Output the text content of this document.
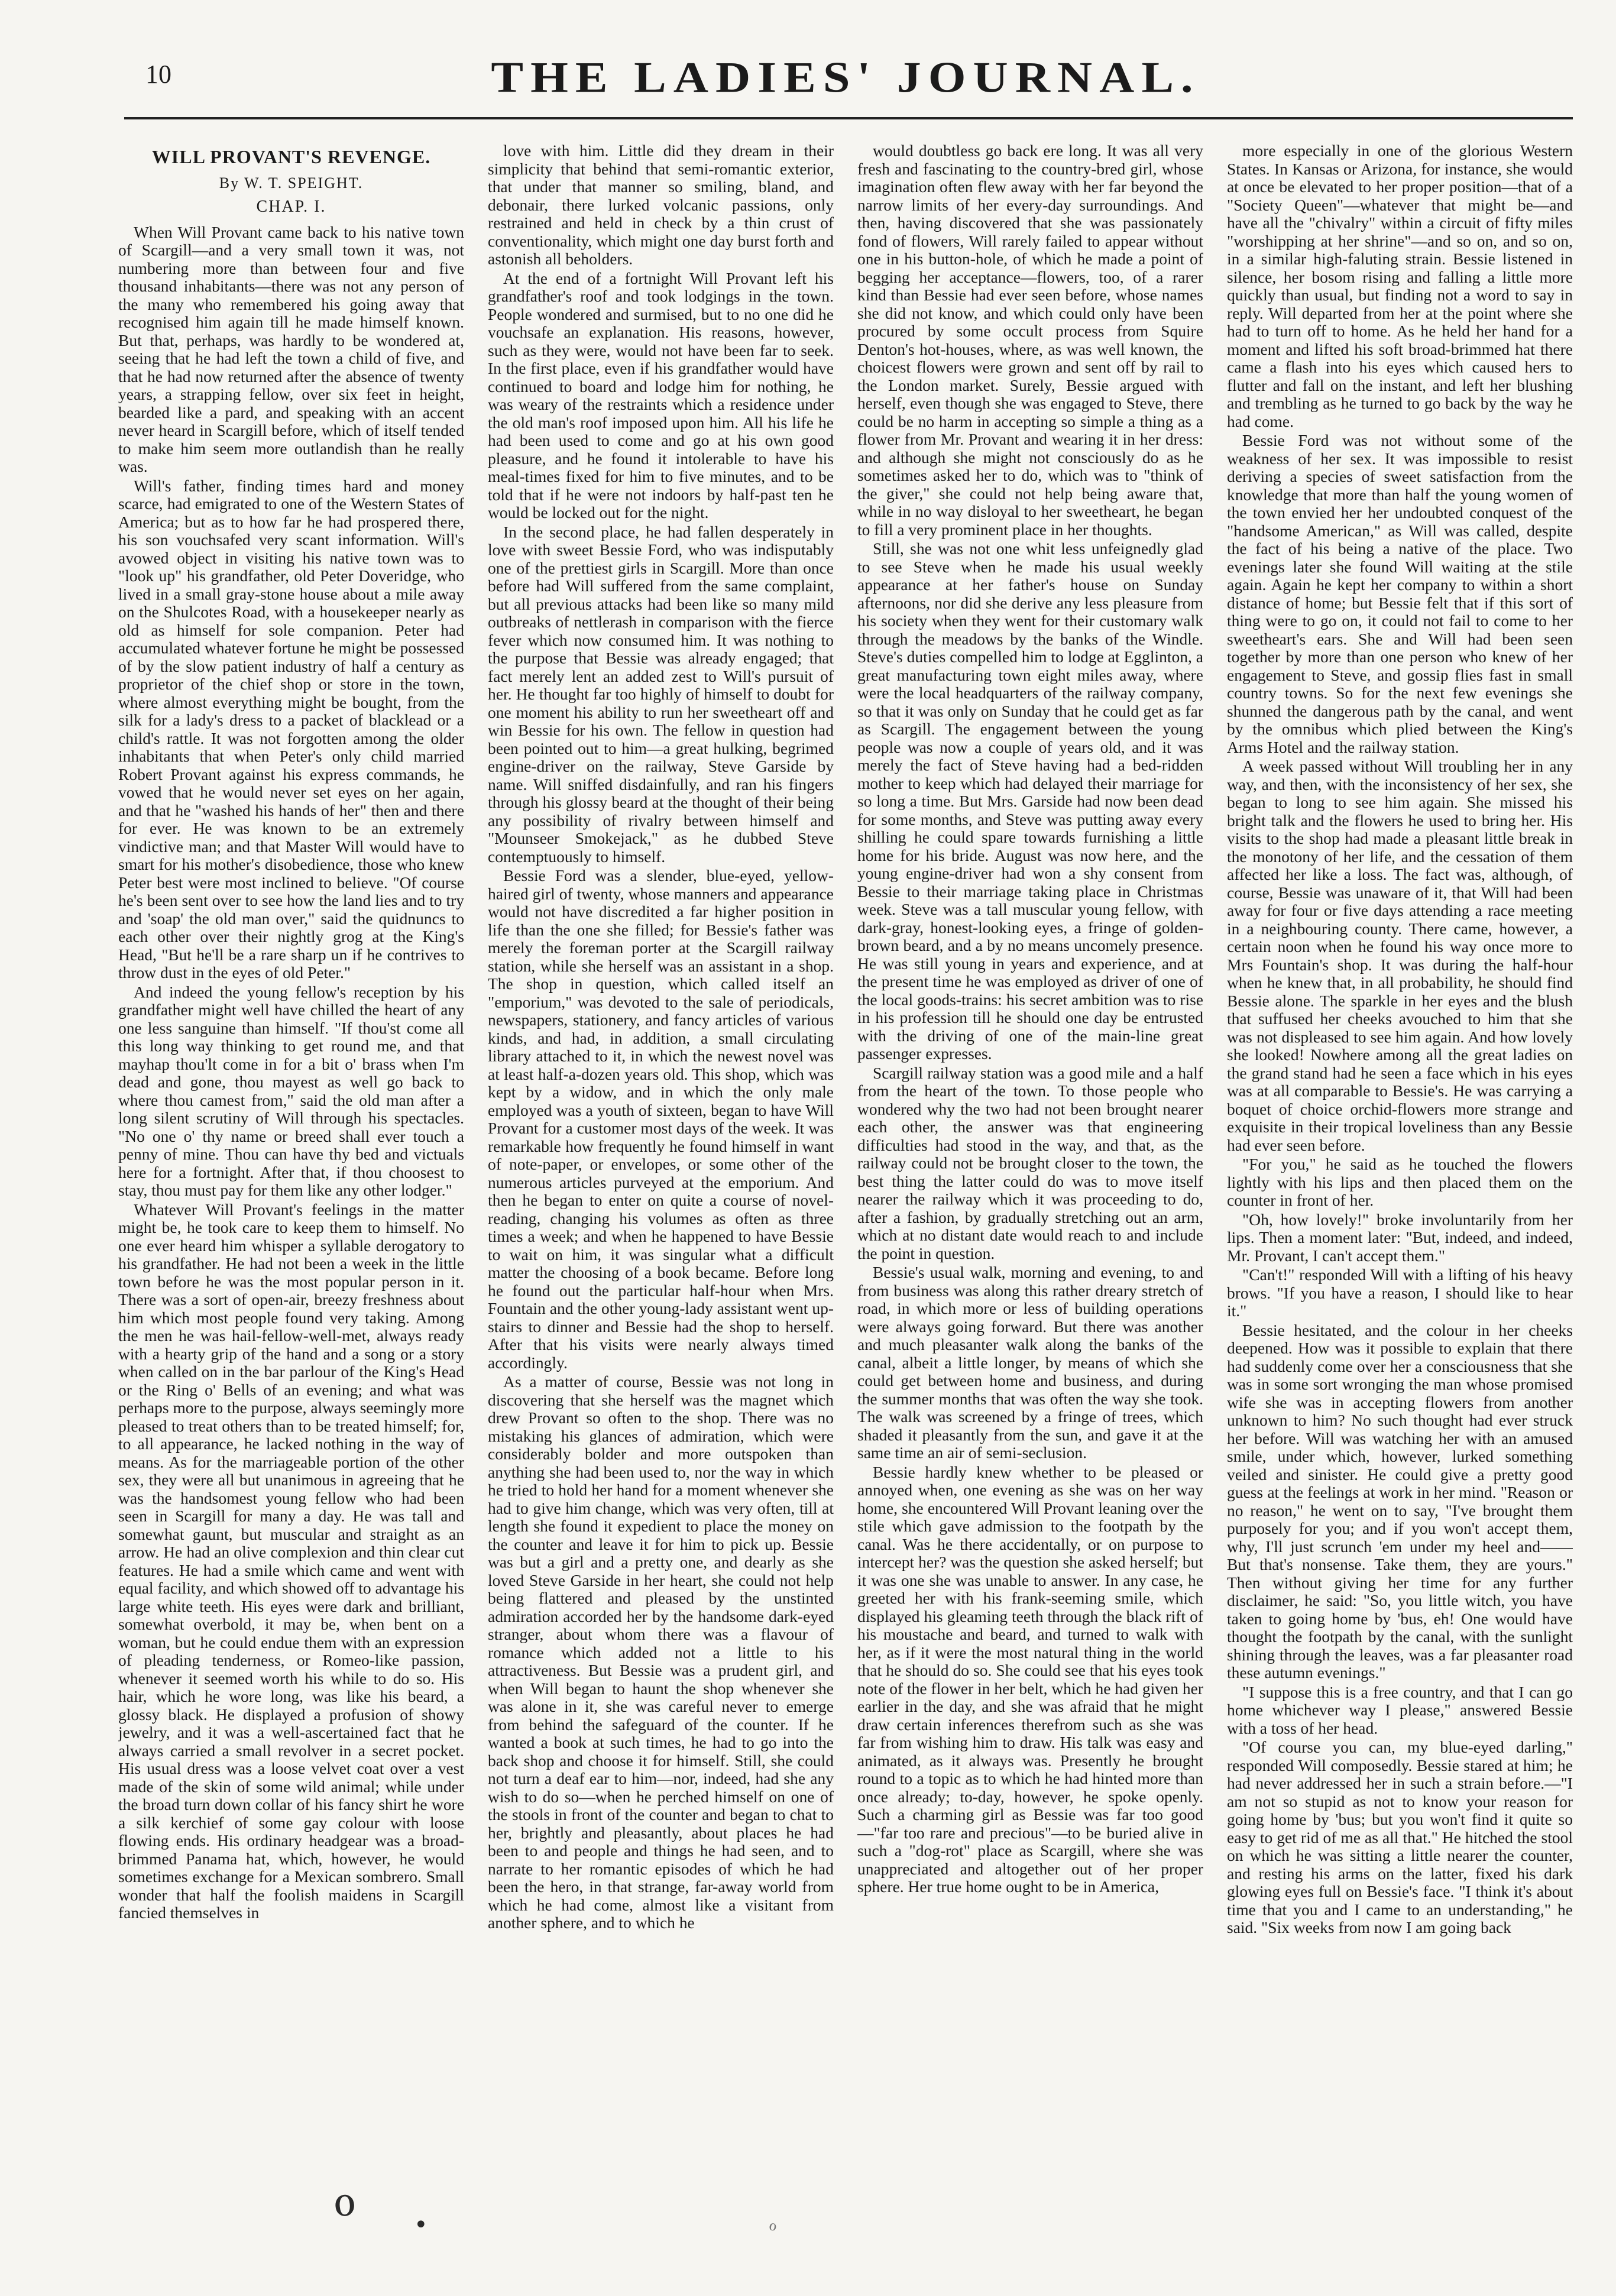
10	THE LADIES' JOURNAL.
WILL PROVANT'S REVENGE.
By W. T. SPEIGHT.
CHAP. I.

When Will Provant came back to his native town of Scargill—and a very small town it was, not numbering more than between four and five thousand inhabitants—there was not any person of the many who remembered his going away that recognised him again till he made himself known. But that, perhaps, was hardly to be wondered at, seeing that he had left the town a child of five, and that he had now returned after the absence of twenty years, a strapping fellow, over six feet in height, bearded like a pard, and speaking with an accent never heard in Scargill before, which of itself tended to make him seem more outlandish than he really was.

Will's father, finding times hard and money scarce, had emigrated to one of the Western States of America; but as to how far he had prospered there, his son vouchsafed very scant information. Will's avowed object in visiting his native town was to "look up" his grandfather, old Peter Doveridge, who lived in a small gray-stone house about a mile away on the Shulcotes Road, with a housekeeper nearly as old as himself for sole companion. Peter had accumulated whatever fortune he might be possessed of by the slow patient industry of half a century as proprietor of the chief shop or store in the town, where almost everything might be bought, from the silk for a lady's dress to a packet of blacklead or a child's rattle. It was not forgotten among the older inhabitants that when Peter's only child married Robert Provant against his express commands, he vowed that he would never set eyes on her again, and that he "washed his hands of her" then and there for ever. He was known to be an extremely vindictive man; and that Master Will would have to smart for his mother's disobedience, those who knew Peter best were most inclined to believe. "Of course he's been sent over to see how the land lies and to try and 'soap' the old man over," said the quidnuncs to each other over their nightly grog at the King's Head, "But he'll be a rare sharp un if he contrives to throw dust in the eyes of old Peter."

And indeed the young fellow's reception by his grandfather might well have chilled the heart of any one less sanguine than himself. "If thou'st come all this long way thinking to get round me, and that mayhap thou'lt come in for a bit o' brass when I'm dead and gone, thou mayest as well go back to where thou camest from," said the old man after a long silent scrutiny of Will through his spectacles. "No one o' thy name or breed shall ever touch a penny of mine. Thou can have thy bed and victuals here for a fortnight. After that, if thou choosest to stay, thou must pay for them like any other lodger."

Whatever Will Provant's feelings in the matter might be, he took care to keep them to himself. No one ever heard him whisper a syllable derogatory to his grandfather. He had not been a week in the little town before he was the most popular person in it. There was a sort of open-air, breezy freshness about him which most people found very taking. Among the men he was hail-fellow-well-met, always ready with a hearty grip of the hand and a song or a story when called on in the bar parlour of the King's Head or the Ring o' Bells of an evening; and what was perhaps more to the purpose, always seemingly more pleased to treat others than to be treated himself; for, to all appearance, he lacked nothing in the way of means. As for the marriageable portion of the other sex, they were all but unanimous in agreeing that he was the handsomest young fellow who had been seen in Scargill for many a day. He was tall and somewhat gaunt, but muscular and straight as an arrow. He had an olive complexion and thin clear cut features. He had a smile which came and went with equal facility, and which showed off to advantage his large white teeth. His eyes were dark and brilliant, somewhat overbold, it may be, when bent on a woman, but he could endue them with an expression of pleading tenderness, or Romeo-like passion, whenever it seemed worth his while to do so. His hair, which he wore long, was like his beard, a glossy black. He displayed a profusion of showy jewelry, and it was a well-ascertained fact that he always carried a small revolver in a secret pocket. His usual dress was a loose velvet coat over a vest made of the skin of some wild animal; while under the broad turn down collar of his fancy shirt he wore a silk kerchief of some gay colour with loose flowing ends. His ordinary headgear was a broad-brimmed Panama hat, which, however, he would sometimes exchange for a Mexican sombrero. Small wonder that half the foolish maidens in Scargill fancied themselves in

love with him. Little did they dream in their simplicity that behind that semi-romantic exterior, that under that manner so smiling, bland, and debonair, there lurked volcanic passions, only restrained and held in check by a thin crust of conventionality, which might one day burst forth and astonish all beholders.

At the end of a fortnight Will Provant left his grandfather's roof and took lodgings in the town. People wondered and surmised, but to no one did he vouchsafe an explanation. His reasons, however, such as they were, would not have been far to seek. In the first place, even if his grandfather would have continued to board and lodge him for nothing, he was weary of the restraints which a residence under the old man's roof imposed upon him. All his life he had been used to come and go at his own good pleasure, and he found it intolerable to have his meal-times fixed for him to five minutes, and to be told that if he were not indoors by half-past ten he would be locked out for the night.

In the second place, he had fallen desperately in love with sweet Bessie Ford, who was indisputably one of the prettiest girls in Scargill. More than once before had Will suffered from the same complaint, but all previous attacks had been like so many mild outbreaks of nettlerash in comparison with the fierce fever which now consumed him. It was nothing to the purpose that Bessie was already engaged; that fact merely lent an added zest to Will's pursuit of her. He thought far too highly of himself to doubt for one moment his ability to run her sweetheart off and win Bessie for his own. The fellow in question had been pointed out to him—a great hulking, begrimed engine-driver on the railway, Steve Garside by name. Will sniffed disdainfully, and ran his fingers through his glossy beard at the thought of their being any possibility of rivalry between himself and "Mounseer Smokejack," as he dubbed Steve contemptuously to himself.

Bessie Ford was a slender, blue-eyed, yellow-haired girl of twenty, whose manners and appearance would not have discredited a far higher position in life than the one she filled; for Bessie's father was merely the foreman porter at the Scargill railway station, while she herself was an assistant in a shop. The shop in question, which called itself an "emporium," was devoted to the sale of periodicals, newspapers, stationery, and fancy articles of various kinds, and had, in addition, a small circulating library attached to it, in which the newest novel was at least half-a-dozen years old. This shop, which was kept by a widow, and in which the only male employed was a youth of sixteen, began to have Will Provant for a customer most days of the week. It was remarkable how frequently he found himself in want of note-paper, or envelopes, or some other of the numerous articles purveyed at the emporium. And then he began to enter on quite a course of novel-reading, changing his volumes as often as three times a week; and when he happened to have Bessie to wait on him, it was singular what a difficult matter the choosing of a book became. Before long he found out the particular half-hour when Mrs. Fountain and the other young-lady assistant went up-stairs to dinner and Bessie had the shop to herself. After that his visits were nearly always timed accordingly.

As a matter of course, Bessie was not long in discovering that she herself was the magnet which drew Provant so often to the shop. There was no mistaking his glances of admiration, which were considerably bolder and more outspoken than anything she had been used to, nor the way in which he tried to hold her hand for a moment whenever she had to give him change, which was very often, till at length she found it expedient to place the money on the counter and leave it for him to pick up. Bessie was but a girl and a pretty one, and dearly as she loved Steve Garside in her heart, she could not help being flattered and pleased by the unstinted admiration accorded her by the handsome dark-eyed stranger, about whom there was a flavour of romance which added not a little to his attractiveness. But Bessie was a prudent girl, and when Will began to haunt the shop whenever she was alone in it, she was careful never to emerge from behind the safeguard of the counter. If he wanted a book at such times, he had to go into the back shop and choose it for himself. Still, she could not turn a deaf ear to him—nor, indeed, had she any wish to do so—when he perched himself on one of the stools in front of the counter and began to chat to her, brightly and pleasantly, about places he had been to and people and things he had seen, and to narrate to her romantic episodes of which he had been the hero, in that strange, far-away world from which he had come, almost like a visitant from another sphere, and to which he

would doubtless go back ere long. It was all very fresh and fascinating to the country-bred girl, whose imagination often flew away with her far beyond the narrow limits of her every-day surroundings. And then, having discovered that she was passionately fond of flowers, Will rarely failed to appear without one in his button-hole, of which he made a point of begging her acceptance—flowers, too, of a rarer kind than Bessie had ever seen before, whose names she did not know, and which could only have been procured by some occult process from Squire Denton's hot-houses, where, as was well known, the choicest flowers were grown and sent off by rail to the London market. Surely, Bessie argued with herself, even though she was engaged to Steve, there could be no harm in accepting so simple a thing as a flower from Mr. Provant and wearing it in her dress: and although she might not consciously do as he sometimes asked her to do, which was to "think of the giver," she could not help being aware that, while in no way disloyal to her sweetheart, he began to fill a very prominent place in her thoughts.

Still, she was not one whit less unfeignedly glad to see Steve when he made his usual weekly appearance at her father's house on Sunday afternoons, nor did she derive any less pleasure from his society when they went for their customary walk through the meadows by the banks of the Windle. Steve's duties compelled him to lodge at Egglinton, a great manufacturing town eight miles away, where were the local headquarters of the railway company, so that it was only on Sunday that he could get as far as Scargill. The engagement between the young people was now a couple of years old, and it was merely the fact of Steve having had a bed-ridden mother to keep which had delayed their marriage for so long a time. But Mrs. Garside had now been dead for some months, and Steve was putting away every shilling he could spare towards furnishing a little home for his bride. August was now here, and the young engine-driver had won a shy consent from Bessie to their marriage taking place in Christmas week. Steve was a tall muscular young fellow, with dark-gray, honest-looking eyes, a fringe of golden-brown beard, and a by no means uncomely presence. He was still young in years and experience, and at the present time he was employed as driver of one of the local goods-trains: his secret ambition was to rise in his profession till he should one day be entrusted with the driving of one of the main-line great passenger expresses.

Scargill railway station was a good mile and a half from the heart of the town. To those people who wondered why the two had not been brought nearer each other, the answer was that engineering difficulties had stood in the way, and that, as the railway could not be brought closer to the town, the best thing the latter could do was to move itself nearer the railway which it was proceeding to do, after a fashion, by gradually stretching out an arm, which at no distant date would reach to and include the point in question.

Bessie's usual walk, morning and evening, to and from business was along this rather dreary stretch of road, in which more or less of building operations were always going forward. But there was another and much pleasanter walk along the banks of the canal, albeit a little longer, by means of which she could get between home and business, and during the summer months that was often the way she took. The walk was screened by a fringe of trees, which shaded it pleasantly from the sun, and gave it at the same time an air of semi-seclusion.

Bessie hardly knew whether to be pleased or annoyed when, one evening as she was on her way home, she encountered Will Provant leaning over the stile which gave admission to the footpath by the canal. Was he there accidentally, or on purpose to intercept her? was the question she asked herself; but it was one she was unable to answer. In any case, he greeted her with his frank-seeming smile, which displayed his gleaming teeth through the black rift of his moustache and beard, and turned to walk with her, as if it were the most natural thing in the world that he should do so. She could see that his eyes took note of the flower in her belt, which he had given her earlier in the day, and she was afraid that he might draw certain inferences therefrom such as she was far from wishing him to draw. His talk was easy and animated, as it always was. Presently he brought round to a topic as to which he had hinted more than once already; to-day, however, he spoke openly. Such a charming girl as Bessie was far too good—"far too rare and precious"—to be buried alive in such a "dog-rot" place as Scargill, where she was unappreciated and altogether out of her proper sphere. Her true home ought to be in America,

more especially in one of the glorious Western States. In Kansas or Arizona, for instance, she would at once be elevated to her proper position—that of a "Society Queen"—whatever that might be—and have all the "chivalry" within a circuit of fifty miles "worshipping at her shrine"—and so on, and so on, in a similar high-faluting strain. Bessie listened in silence, her bosom rising and falling a little more quickly than usual, but finding not a word to say in reply. Will departed from her at the point where she had to turn off to home. As he held her hand for a moment and lifted his soft broad-brimmed hat there came a flash into his eyes which caused hers to flutter and fall on the instant, and left her blushing and trembling as he turned to go back by the way he had come.

Bessie Ford was not without some of the weakness of her sex. It was impossible to resist deriving a species of sweet satisfaction from the knowledge that more than half the young women of the town envied her her undoubted conquest of the "handsome American," as Will was called, despite the fact of his being a native of the place. Two evenings later she found Will waiting at the stile again. Again he kept her company to within a short distance of home; but Bessie felt that if this sort of thing were to go on, it could not fail to come to her sweetheart's ears. She and Will had been seen together by more than one person who knew of her engagement to Steve, and gossip flies fast in small country towns. So for the next few evenings she shunned the dangerous path by the canal, and went by the omnibus which plied between the King's Arms Hotel and the railway station.

A week passed without Will troubling her in any way, and then, with the inconsistency of her sex, she began to long to see him again. She missed his bright talk and the flowers he used to bring her. His visits to the shop had made a pleasant little break in the monotony of her life, and the cessation of them affected her like a loss. The fact was, although, of course, Bessie was unaware of it, that Will had been away for four or five days attending a race meeting in a neighbouring county. There came, however, a certain noon when he found his way once more to Mrs Fountain's shop. It was during the half-hour when he knew that, in all probability, he should find Bessie alone. The sparkle in her eyes and the blush that suffused her cheeks avouched to him that she was not displeased to see him again. And how lovely she looked! Nowhere among all the great ladies on the grand stand had he seen a face which in his eyes was at all comparable to Bessie's. He was carrying a boquet of choice orchid-flowers more strange and exquisite in their tropical loveliness than any Bessie had ever seen before.

"For you," he said as he touched the flowers lightly with his lips and then placed them on the counter in front of her.

"Oh, how lovely!" broke involuntarily from her lips. Then a moment later: "But, indeed, and indeed, Mr. Provant, I can't accept them."

"Can't!" responded Will with a lifting of his heavy brows. "If you have a reason, I should like to hear it."

Bessie hesitated, and the colour in her cheeks deepened. How was it possible to explain that there had suddenly come over her a consciousness that she was in some sort wronging the man whose promised wife she was in accepting flowers from another unknown to him? No such thought had ever struck her before. Will was watching her with an amused smile, under which, however, lurked something veiled and sinister. He could give a pretty good guess at the feelings at work in her mind. "Reason or no reason," he went on to say, "I've brought them purposely for you; and if you won't accept them, why, I'll just scrunch 'em under my heel and—— But that's nonsense. Take them, they are yours." Then without giving her time for any further disclaimer, he said: "So, you little witch, you have taken to going home by 'bus, eh! One would have thought the footpath by the canal, with the sunlight shining through the leaves, was a far pleasanter road these autumn evenings."

"I suppose this is a free country, and that I can go home whichever way I please," answered Bessie with a toss of her head.

"Of course you can, my blue-eyed darling," responded Will composedly. Bessie stared at him; he had never addressed her in such a strain before.—"I am not so stupid as not to know your reason for going home by 'bus; but you won't find it quite so easy to get rid of me as all that." He hitched the stool on which he was sitting a little nearer the counter, and resting his arms on the latter, fixed his dark glowing eyes full on Bessie's face. "I think it's about time that you and I came to an understanding," he said. "Six weeks from now I am going back

ℴ •	ℴ
